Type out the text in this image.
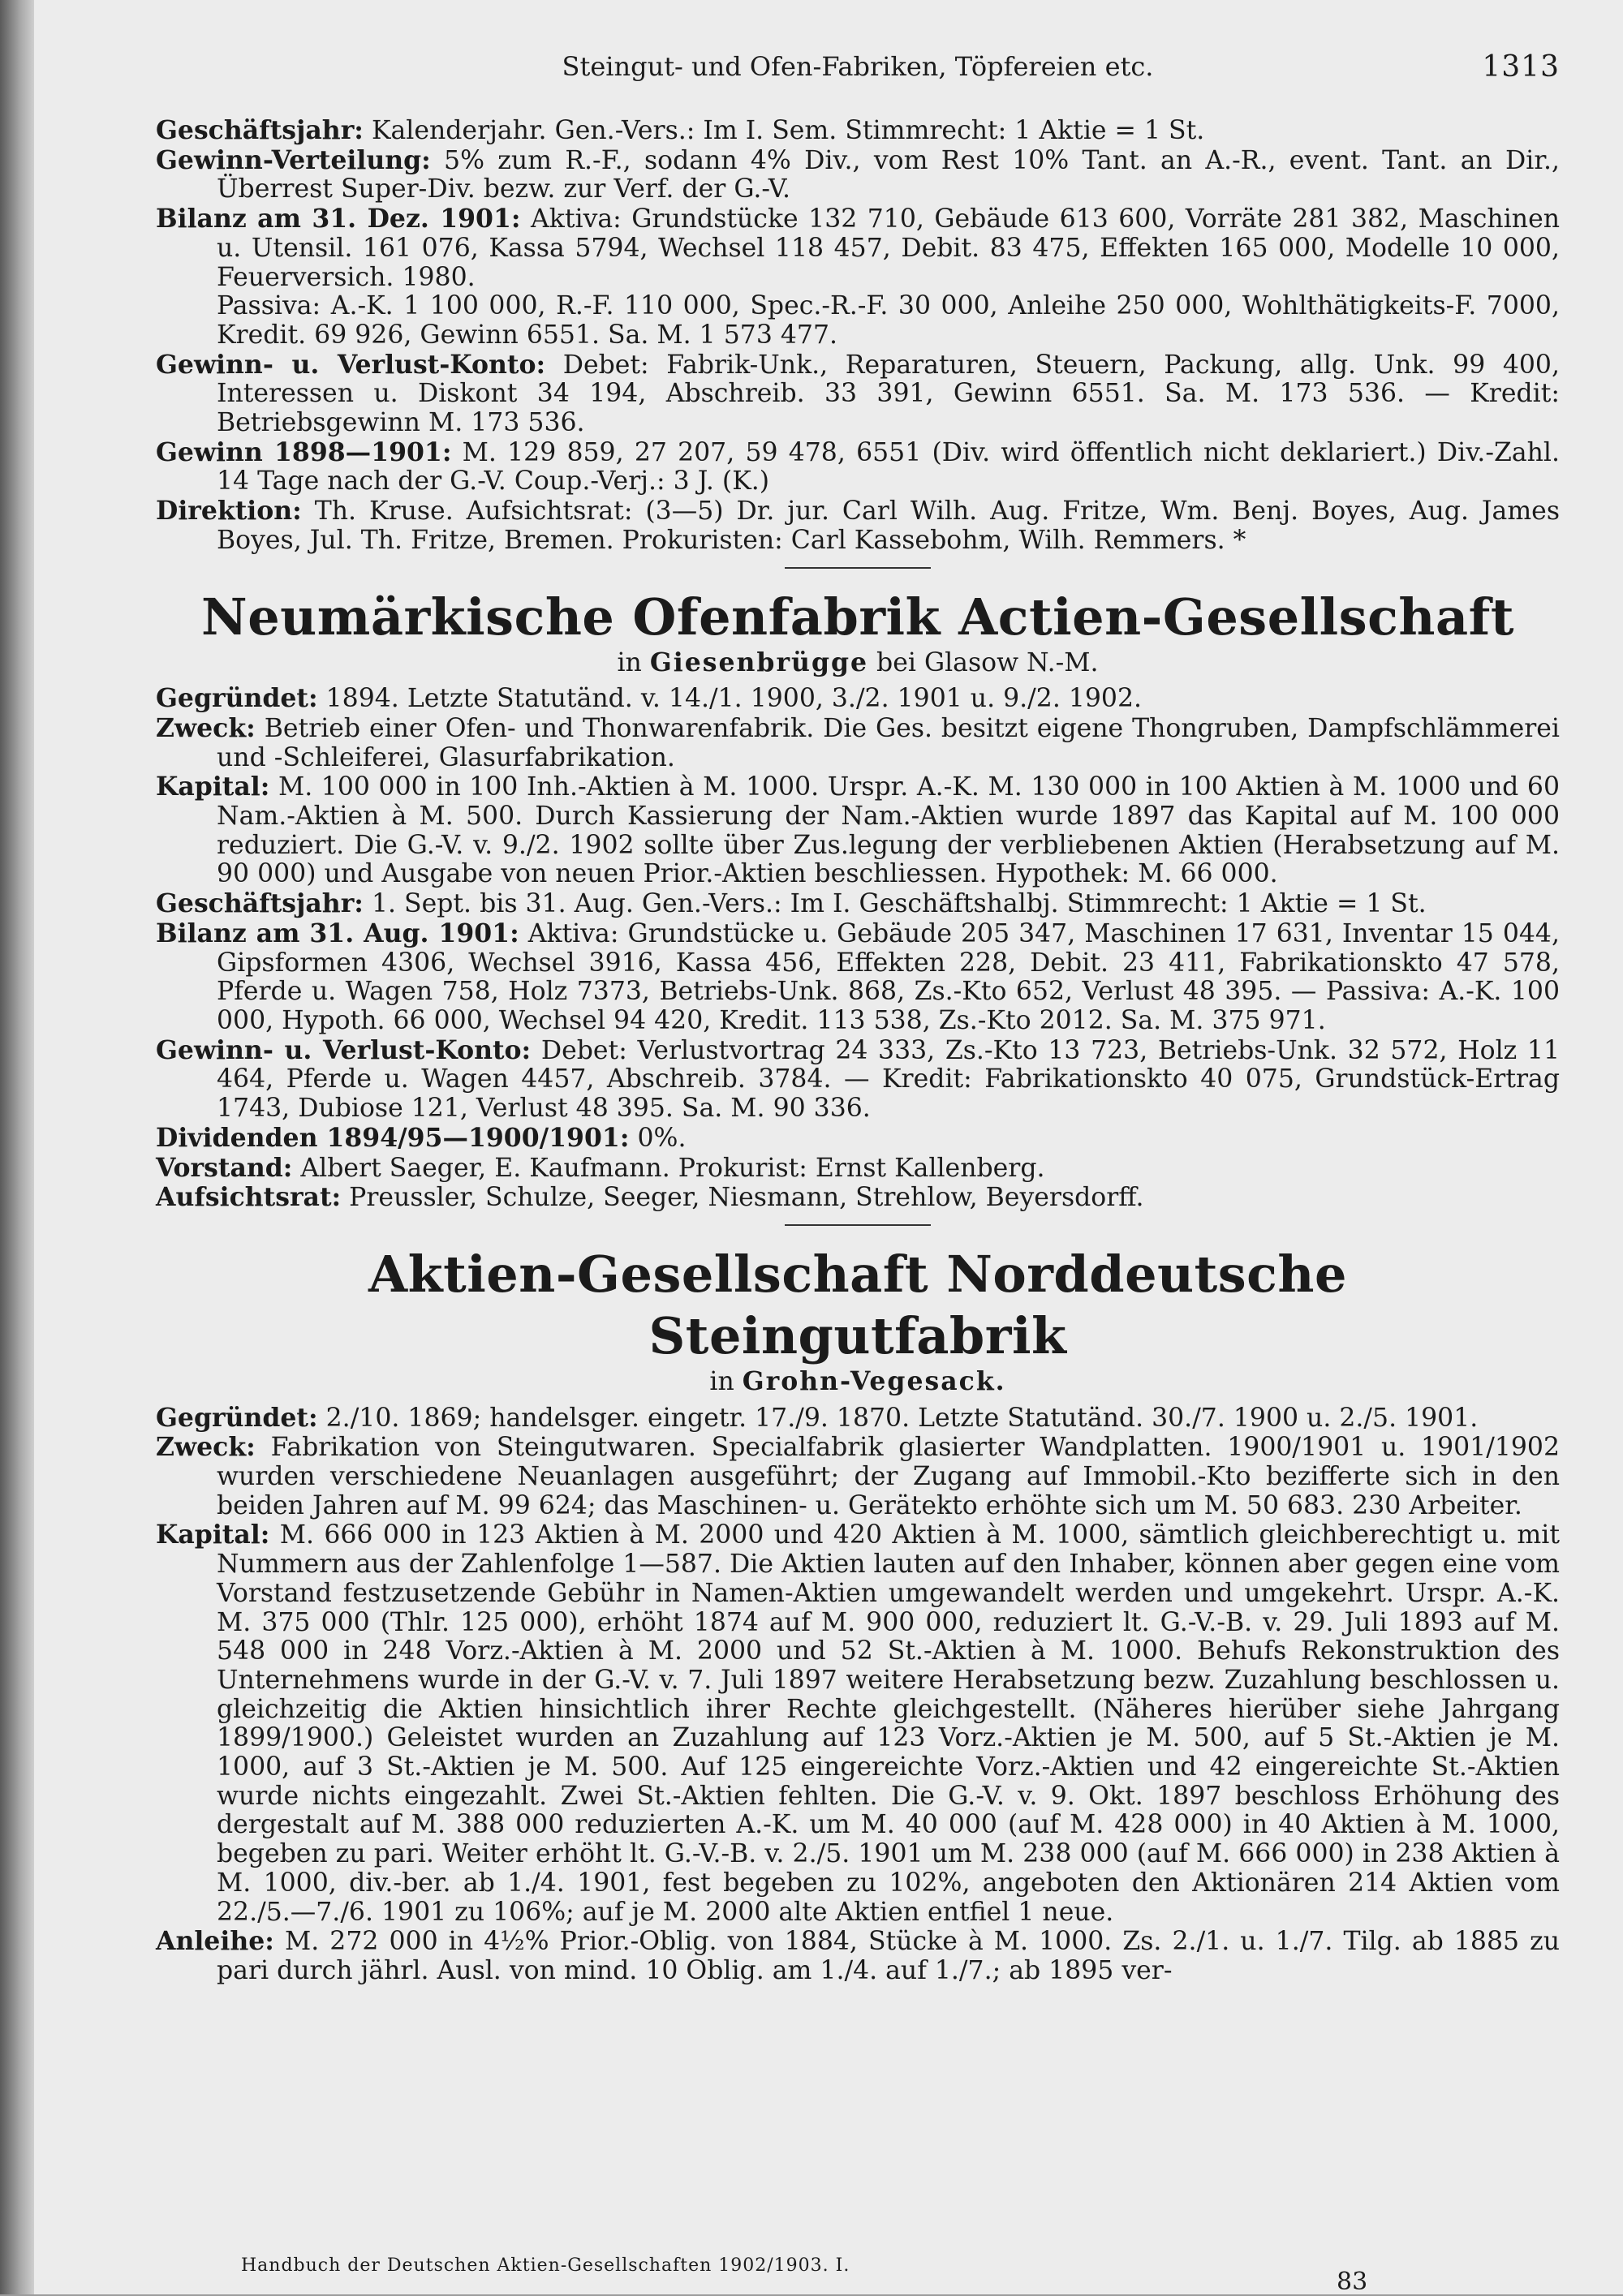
Steingut- und Ofen-Fabriken, Töpfereien etc.	1313

Geschäftsjahr: Kalenderjahr. Gen.-Vers.: Im I. Sem. Stimmrecht: 1 Aktie = 1 St.

Gewinn-Verteilung: 5% zum R.-F., sodann 4% Div., vom Rest 10% Tant. an A.-R., event. Tant. an Dir., Überrest Super-Div. bezw. zur Verf. der G.-V.

Bilanz am 31. Dez. 1901: Aktiva: Grundstücke 132 710, Gebäude 613 600, Vorräte 281 382, Maschinen u. Utensil. 161 076, Kassa 5794, Wechsel 118 457, Debit. 83 475, Effekten 165 000, Modelle 10 000, Feuerversich. 1980.

Passiva: A.-K. 1 100 000, R.-F. 110 000, Spec.-R.-F. 30 000, Anleihe 250 000, Wohlthätigkeits-F. 7000, Kredit. 69 926, Gewinn 6551. Sa. M. 1 573 477.

Gewinn- u. Verlust-Konto: Debet: Fabrik-Unk., Reparaturen, Steuern, Packung, allg. Unk. 99 400, Interessen u. Diskont 34 194, Abschreib. 33 391, Gewinn 6551. Sa. M. 173 536. — Kredit: Betriebsgewinn M. 173 536.

Gewinn 1898—1901: M. 129 859, 27 207, 59 478, 6551 (Div. wird öffentlich nicht deklariert.) Div.-Zahl. 14 Tage nach der G.-V. Coup.-Verj.: 3 J. (K.)

Direktion: Th. Kruse. Aufsichtsrat: (3—5) Dr. jur. Carl Wilh. Aug. Fritze, Wm. Benj. Boyes, Aug. James Boyes, Jul. Th. Fritze, Bremen. Prokuristen: Carl Kassebohm, Wilh. Remmers. *

Neumärkische Ofenfabrik Actien-Gesellschaft

in Giesenbrügge bei Glasow N.-M.

Gegründet: 1894. Letzte Statutänd. v. 14./1. 1900, 3./2. 1901 u. 9./2. 1902.

Zweck: Betrieb einer Ofen- und Thonwarenfabrik. Die Ges. besitzt eigene Thongruben, Dampfschlämmerei und -Schleiferei, Glasurfabrikation.

Kapital: M. 100 000 in 100 Inh.-Aktien à M. 1000. Urspr. A.-K. M. 130 000 in 100 Aktien à M. 1000 und 60 Nam.-Aktien à M. 500. Durch Kassierung der Nam.-Aktien wurde 1897 das Kapital auf M. 100 000 reduziert. Die G.-V. v. 9./2. 1902 sollte über Zus.legung der verbliebenen Aktien (Herabsetzung auf M. 90 000) und Ausgabe von neuen Prior.-Aktien beschliessen. Hypothek: M. 66 000.

Geschäftsjahr: 1. Sept. bis 31. Aug. Gen.-Vers.: Im I. Geschäftshalbj. Stimmrecht: 1 Aktie = 1 St.

Bilanz am 31. Aug. 1901: Aktiva: Grundstücke u. Gebäude 205 347, Maschinen 17 631, Inventar 15 044, Gipsformen 4306, Wechsel 3916, Kassa 456, Effekten 228, Debit. 23 411, Fabrikationskto 47 578, Pferde u. Wagen 758, Holz 7373, Betriebs-Unk. 868, Zs.-Kto 652, Verlust 48 395. — Passiva: A.-K. 100 000, Hypoth. 66 000, Wechsel 94 420, Kredit. 113 538, Zs.-Kto 2012. Sa. M. 375 971.

Gewinn- u. Verlust-Konto: Debet: Verlustvortrag 24 333, Zs.-Kto 13 723, Betriebs-Unk. 32 572, Holz 11 464, Pferde u. Wagen 4457, Abschreib. 3784. — Kredit: Fabrikationskto 40 075, Grundstück-Ertrag 1743, Dubiose 121, Verlust 48 395. Sa. M. 90 336.

Dividenden 1894/95—1900/1901: 0%.

Vorstand: Albert Saeger, E. Kaufmann. Prokurist: Ernst Kallenberg.

Aufsichtsrat: Preussler, Schulze, Seeger, Niesmann, Strehlow, Beyersdorff.

Aktien-Gesellschaft Norddeutsche Steingutfabrik

in Grohn-Vegesack.

Gegründet: 2./10. 1869; handelsger. eingetr. 17./9. 1870. Letzte Statutänd. 30./7. 1900 u. 2./5. 1901.

Zweck: Fabrikation von Steingutwaren. Specialfabrik glasierter Wandplatten. 1900/1901 u. 1901/1902 wurden verschiedene Neuanlagen ausgeführt; der Zugang auf Immobil.-Kto bezifferte sich in den beiden Jahren auf M. 99 624; das Maschinen- u. Gerätekto erhöhte sich um M. 50 683. 230 Arbeiter.

Kapital: M. 666 000 in 123 Aktien à M. 2000 und 420 Aktien à M. 1000, sämtlich gleichberechtigt u. mit Nummern aus der Zahlenfolge 1—587. Die Aktien lauten auf den Inhaber, können aber gegen eine vom Vorstand festzusetzende Gebühr in Namen-Aktien umgewandelt werden und umgekehrt. Urspr. A.-K. M. 375 000 (Thlr. 125 000), erhöht 1874 auf M. 900 000, reduziert lt. G.-V.-B. v. 29. Juli 1893 auf M. 548 000 in 248 Vorz.-Aktien à M. 2000 und 52 St.-Aktien à M. 1000. Behufs Rekonstruktion des Unternehmens wurde in der G.-V. v. 7. Juli 1897 weitere Herabsetzung bezw. Zuzahlung beschlossen u. gleichzeitig die Aktien hinsichtlich ihrer Rechte gleichgestellt. (Näheres hierüber siehe Jahrgang 1899/1900.) Geleistet wurden an Zuzahlung auf 123 Vorz.-Aktien je M. 500, auf 5 St.-Aktien je M. 1000, auf 3 St.-Aktien je M. 500. Auf 125 eingereichte Vorz.-Aktien und 42 eingereichte St.-Aktien wurde nichts eingezahlt. Zwei St.-Aktien fehlten. Die G.-V. v. 9. Okt. 1897 beschloss Erhöhung des dergestalt auf M. 388 000 reduzierten A.-K. um M. 40 000 (auf M. 428 000) in 40 Aktien à M. 1000, begeben zu pari. Weiter erhöht lt. G.-V.-B. v. 2./5. 1901 um M. 238 000 (auf M. 666 000) in 238 Aktien à M. 1000, div.-ber. ab 1./4. 1901, fest begeben zu 102%, angeboten den Aktionären 214 Aktien vom 22./5.—7./6. 1901 zu 106%; auf je M. 2000 alte Aktien entfiel 1 neue.

Anleihe: M. 272 000 in 4½% Prior.-Oblig. von 1884, Stücke à M. 1000. Zs. 2./1. u. 1./7. Tilg. ab 1885 zu pari durch jährl. Ausl. von mind. 10 Oblig. am 1./4. auf 1./7.; ab 1895 ver-

Handbuch der Deutschen Aktien-Gesellschaften 1902/1903. I.
83
